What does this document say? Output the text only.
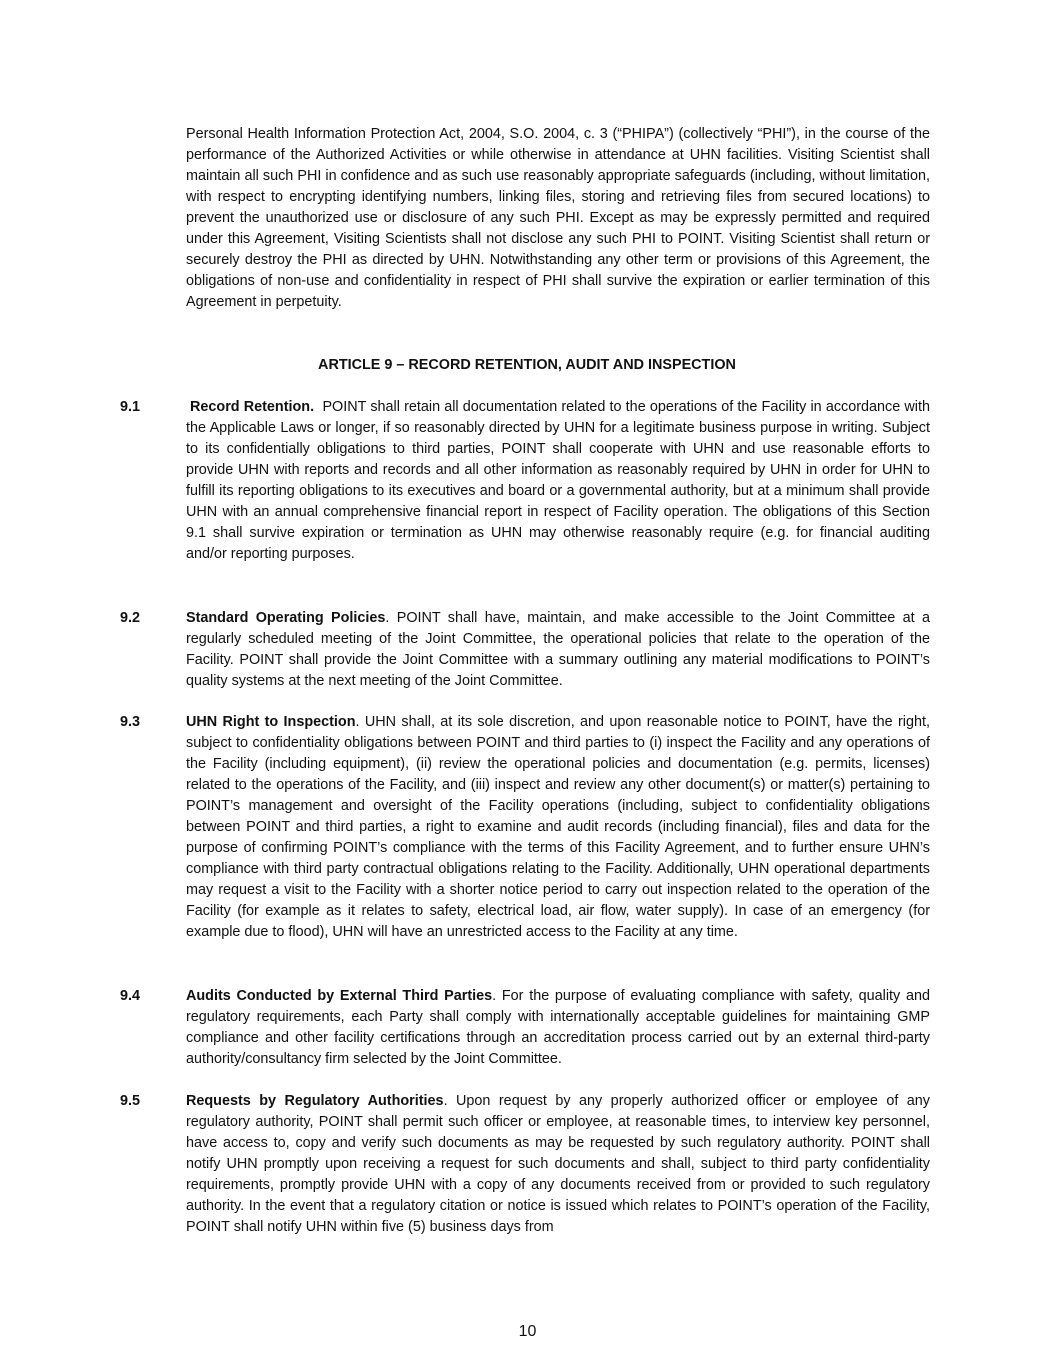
Personal Health Information Protection Act, 2004, S.O. 2004, c. 3 (“PHIPA”) (collectively “PHI”), in the course of the performance of the Authorized Activities or while otherwise in attendance at UHN facilities. Visiting Scientist shall maintain all such PHI in confidence and as such use reasonably appropriate safeguards (including, without limitation, with respect to encrypting identifying numbers, linking files, storing and retrieving files from secured locations) to prevent the unauthorized use or disclosure of any such PHI. Except as may be expressly permitted and required under this Agreement, Visiting Scientists shall not disclose any such PHI to POINT. Visiting Scientist shall return or securely destroy the PHI as directed by UHN. Notwithstanding any other term or provisions of this Agreement, the obligations of non-use and confidentiality in respect of PHI shall survive the expiration or earlier termination of this Agreement in perpetuity.

ARTICLE 9 – RECORD RETENTION, AUDIT AND INSPECTION

9.1	Record Retention. POINT shall retain all documentation related to the operations of the Facility in accordance with the Applicable Laws or longer, if so reasonably directed by UHN for a legitimate business purpose in writing. Subject to its confidentially obligations to third parties, POINT shall cooperate with UHN and use reasonable efforts to provide UHN with reports and records and all other information as reasonably required by UHN in order for UHN to fulfill its reporting obligations to its executives and board or a governmental authority, but at a minimum shall provide UHN with an annual comprehensive financial report in respect of Facility operation. The obligations of this Section 9.1 shall survive expiration or termination as UHN may otherwise reasonably require (e.g. for financial auditing and/or reporting purposes.

9.2	Standard Operating Policies. POINT shall have, maintain, and make accessible to the Joint Committee at a regularly scheduled meeting of the Joint Committee, the operational policies that relate to the operation of the Facility. POINT shall provide the Joint Committee with a summary outlining any material modifications to POINT’s quality systems at the next meeting of the Joint Committee.

9.3	UHN Right to Inspection. UHN shall, at its sole discretion, and upon reasonable notice to POINT, have the right, subject to confidentiality obligations between POINT and third parties to (i) inspect the Facility and any operations of the Facility (including equipment), (ii) review the operational policies and documentation (e.g. permits, licenses) related to the operations of the Facility, and (iii) inspect and review any other document(s) or matter(s) pertaining to POINT’s management and oversight of the Facility operations (including, subject to confidentiality obligations between POINT and third parties, a right to examine and audit records (including financial), files and data for the purpose of confirming POINT’s compliance with the terms of this Facility Agreement, and to further ensure UHN’s compliance with third party contractual obligations relating to the Facility. Additionally, UHN operational departments may request a visit to the Facility with a shorter notice period to carry out inspection related to the operation of the Facility (for example as it relates to safety, electrical load, air flow, water supply). In case of an emergency (for example due to flood), UHN will have an unrestricted access to the Facility at any time.

9.4	Audits Conducted by External Third Parties. For the purpose of evaluating compliance with safety, quality and regulatory requirements, each Party shall comply with internationally acceptable guidelines for maintaining GMP compliance and other facility certifications through an accreditation process carried out by an external third-party authority/consultancy firm selected by the Joint Committee.

9.5	Requests by Regulatory Authorities. Upon request by any properly authorized officer or employee of any regulatory authority, POINT shall permit such officer or employee, at reasonable times, to interview key personnel, have access to, copy and verify such documents as may be requested by such regulatory authority. POINT shall notify UHN promptly upon receiving a request for such documents and shall, subject to third party confidentiality requirements, promptly provide UHN with a copy of any documents received from or provided to such regulatory authority. In the event that a regulatory citation or notice is issued which relates to POINT’s operation of the Facility, POINT shall notify UHN within five (5) business days from

10
